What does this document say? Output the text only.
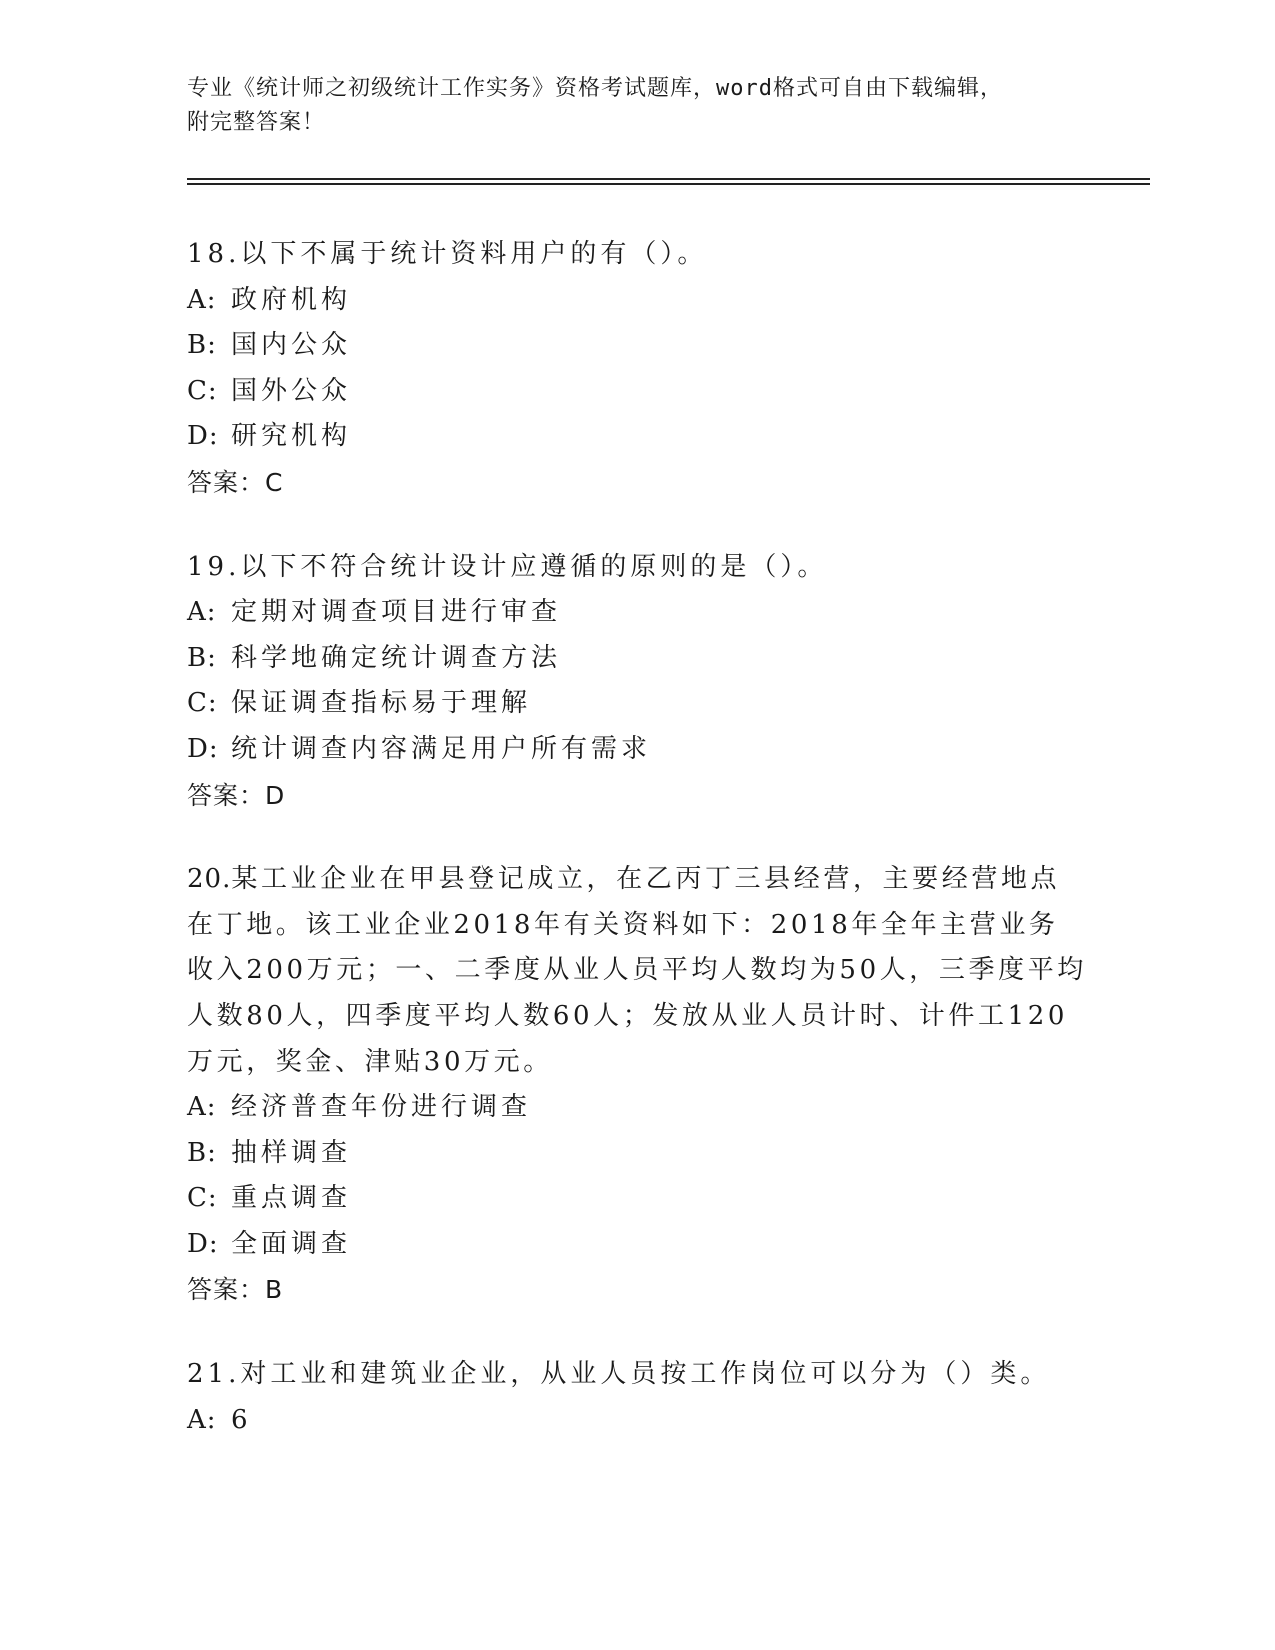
专业《统计师之初级统计工作实务》资格考试题库，word格式可自由下载编辑，
附完整答案！
18.以下不属于统计资料用户的有（）。
A: 政府机构
B: 国内公众
C: 国外公众
D: 研究机构
答案：C
19.以下不符合统计设计应遵循的原则的是（）。
A: 定期对调查项目进行审查
B: 科学地确定统计调查方法
C: 保证调查指标易于理解
D: 统计调查内容满足用户所有需求
答案：D
20.某工业企业在甲县登记成立，在乙丙丁三县经营，主要经营地点在丁地。该工业企业2018年有关资料如下：2018年全年主营业务收入200万元；一、二季度从业人员平均人数均为50人，三季度平均人数80人，四季度平均人数60人；发放从业人员计时、计件工120万元，奖金、津贴30万元。
A: 经济普查年份进行调查
B: 抽样调查
C: 重点调查
D: 全面调查
答案：B
21.对工业和建筑业企业，从业人员按工作岗位可以分为（）类。
A: 6
